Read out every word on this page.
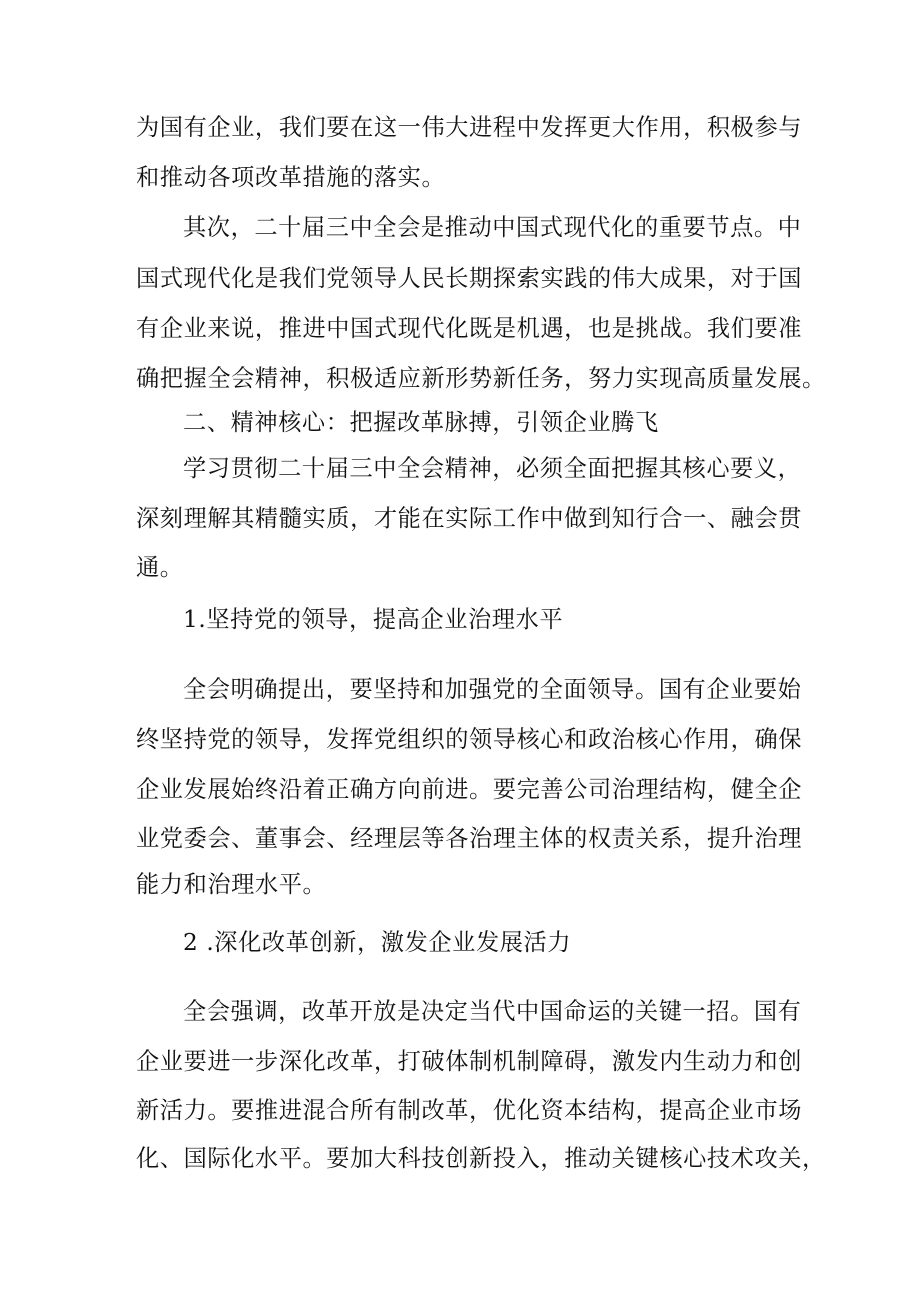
为国有企业，我们要在这一伟大进程中发挥更大作用，积极参与

和推动各项改革措施的落实。

其次，二十届三中全会是推动中国式现代化的重要节点。中

国式现代化是我们党领导人民长期探索实践的伟大成果，对于国

有企业来说，推进中国式现代化既是机遇，也是挑战。我们要准

确把握全会精神，积极适应新形势新任务，努力实现高质量发展。

二、精神核心：把握改革脉搏，引领企业腾飞

学习贯彻二十届三中全会精神，必须全面把握其核心要义，

深刻理解其精髓实质，才能在实际工作中做到知行合一、融会贯

通。

1.坚持党的领导，提高企业治理水平

全会明确提出，要坚持和加强党的全面领导。国有企业要始

终坚持党的领导，发挥党组织的领导核心和政治核心作用，确保

企业发展始终沿着正确方向前进。要完善公司治理结构，健全企

业党委会、董事会、经理层等各治理主体的权责关系，提升治理

能力和治理水平。

2 .深化改革创新，激发企业发展活力

全会强调，改革开放是决定当代中国命运的关键一招。国有

企业要进一步深化改革，打破体制机制障碍，激发内生动力和创

新活力。要推进混合所有制改革，优化资本结构，提高企业市场

化、国际化水平。要加大科技创新投入，推动关键核心技术攻关，
